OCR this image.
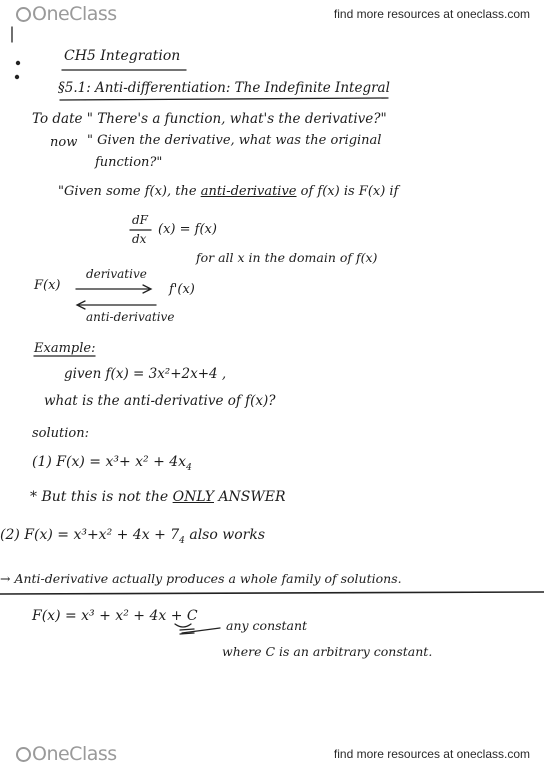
OneClass	find more resources at oneclass.com
CH5 Integration
§5.1: Anti-differentiation: The Indefinite Integral
To date " There's a function, what's the derivative?"
now " Given the derivative, what was the original
function?"
"Given some f(x), the anti-derivative of f(x) is F(x) if
dF
dx
(x) = f(x)
for all x in the domain of f(x)
F(x)
derivative
f'(x)
anti-derivative
Example:
given f(x) = 3x²+2x+4 ,
what is the anti-derivative of f(x)?
solution:
(1) $F(x) = x^3+ x^2 + 4x_4$
* But this is not the ONLY ANSWER
(2) $F(x) = x^3+x^2 + 4x + 7_4$ also works
→ Anti-derivative actually produces a whole family of solutions.
F(x) = x³ + x² + 4x + C
any constant
where C is an arbitrary constant.
OneClass	find more resources at oneclass.com
